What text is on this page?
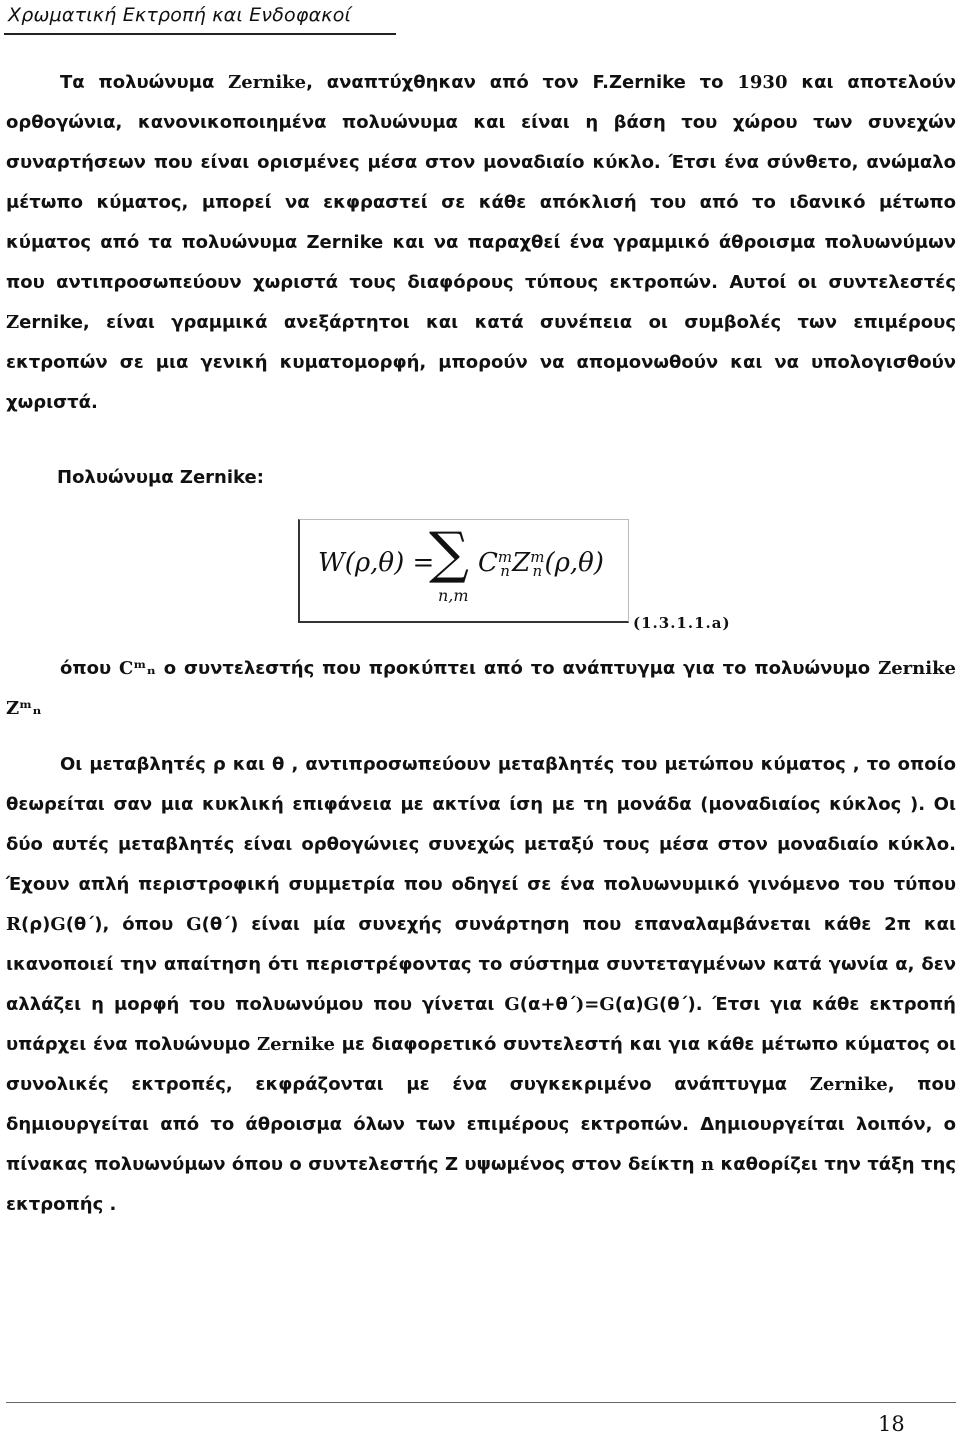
Χρωματική Εκτροπή και Ενδοφακοί
Τα πολυώνυμα Zernike, αναπτύχθηκαν από τον F.Zernike το 1930 και αποτελούν ορθογώνια, κανονικοποιημένα πολυώνυμα και είναι η βάση του χώρου των συνεχών συναρτήσεων που είναι ορισμένες μέσα στον μοναδιαίο κύκλο. Έτσι ένα σύνθετο, ανώμαλο μέτωπο κύματος, μπορεί να εκφραστεί σε κάθε απόκλισή του από το ιδανικό μέτωπο κύματος από τα πολυώνυμα Zernike και να παραχθεί ένα γραμμικό άθροισμα πολυωνύμων που αντιπροσωπεύουν χωριστά τους διαφόρους τύπους εκτροπών. Αυτοί οι συντελεστές Zernike, είναι γραμμικά ανεξάρτητοι και κατά συνέπεια οι συμβολές των επιμέρους εκτροπών σε μια γενική κυματομορφή, μπορούν να απομονωθούν και να υπολογισθούν χωριστά.
Πολυώνυμα Zernike:
W(ρ,θ) =
∑
n,m
C m
n Z m
n (ρ,θ)
(1.3.1.1.a)
όπου Cᵐₙ ο συντελεστής που προκύπτει από το ανάπτυγμα για το πολυώνυμο Zernike Zᵐₙ
Οι μεταβλητές ρ και θ , αντιπροσωπεύουν μεταβλητές του μετώπου κύματος , το οποίο θεωρείται σαν μια κυκλική επιφάνεια με ακτίνα ίση με τη μονάδα (μοναδιαίος κύκλος ). Οι δύο αυτές μεταβλητές είναι ορθογώνιες συνεχώς μεταξύ τους μέσα στον μοναδιαίο κύκλο. Έχουν απλή περιστροφική συμμετρία που οδηγεί σε ένα πολυωνυμικό γινόμενο του τύπου R(ρ)G(θ΄), όπου G(θ΄) είναι μία συνεχής συνάρτηση που επαναλαμβάνεται κάθε 2π και ικανοποιεί την απαίτηση ότι περιστρέφοντας το σύστημα συντεταγμένων κατά γωνία α, δεν αλλάζει η μορφή του πολυωνύμου που γίνεται G(α+θ΄)=G(α)G(θ΄). Έτσι για κάθε εκτροπή υπάρχει ένα πολυώνυμο Zernike με διαφορετικό συντελεστή και για κάθε μέτωπο κύματος οι συνολικές εκτροπές, εκφράζονται με ένα συγκεκριμένο ανάπτυγμα Zernike, που δημιουργείται από το άθροισμα όλων των επιμέρους εκτροπών. Δημιουργείται λοιπόν, ο πίνακας πολυωνύμων όπου ο συντελεστής Ζ υψωμένος στον δείκτη n καθορίζει την τάξη της εκτροπής .
18
